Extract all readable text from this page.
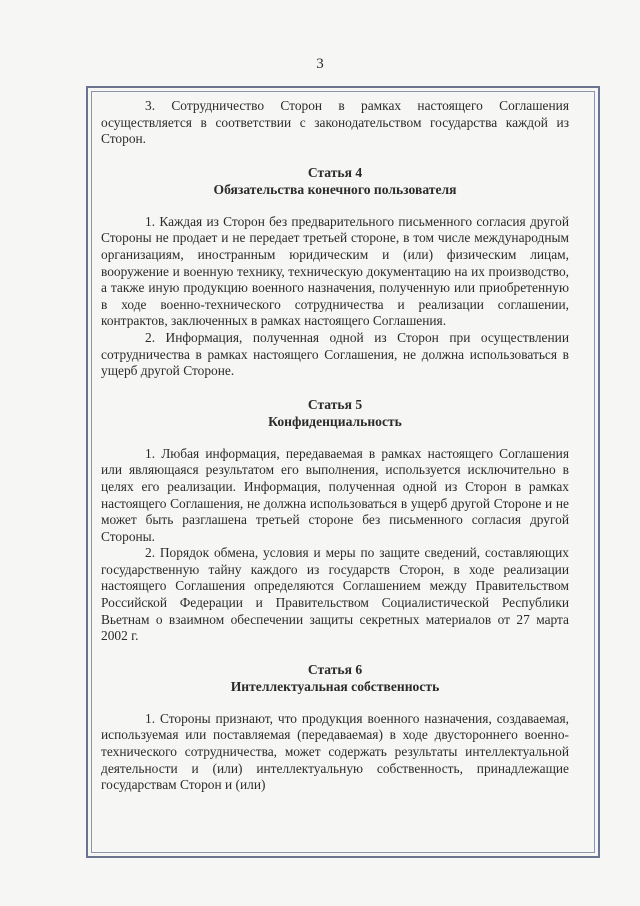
3

3. Сотрудничество Сторон в рамках настоящего Соглашения осуществляется в соответствии с законодательством государства каждой из Сторон.

Статья 4

Обязательства конечного пользователя

1. Каждая из Сторон без предварительного письменного согласия другой Стороны не продает и не передает третьей стороне, в том числе международным организациям, иностранным юридическим и (или) физическим лицам, вооружение и военную технику, техническую документацию на их производство, а также иную продукцию военного назначения, полученную или приобретенную в ходе военно-технического сотрудничества и реализации соглашении, контрактов, заключенных в рамках настоящего Соглашения.

2. Информация, полученная одной из Сторон при осуществлении сотрудничества в рамках настоящего Соглашения, не должна использоваться в ущерб другой Стороне.

Статья 5

Конфиденциальность

1. Любая информация, передаваемая в рамках настоящего Соглашения или являющаяся результатом его выполнения, используется исключительно в целях его реализации. Информация, полученная одной из Сторон в рамках настоящего Соглашения, не должна использоваться в ущерб другой Стороне и не может быть разглашена третьей стороне без письменного согласия другой Стороны.

2. Порядок обмена, условия и меры по защите сведений, составляющих государственную тайну каждого из государств Сторон, в ходе реализации настоящего Соглашения определяются Соглашением между Правительством Российской Федерации и Правительством Социалистической Республики Вьетнам о взаимном обеспечении защиты секретных материалов от 27 марта 2002 г.

Статья 6

Интеллектуальная собственность

1. Стороны признают, что продукция военного назначения, создаваемая, используемая или поставляемая (передаваемая) в ходе двустороннего военно-технического сотрудничества, может содержать результаты интеллектуальной деятельности и (или) интеллектуальную собственность, принадлежащие государствам Сторон и (или)
